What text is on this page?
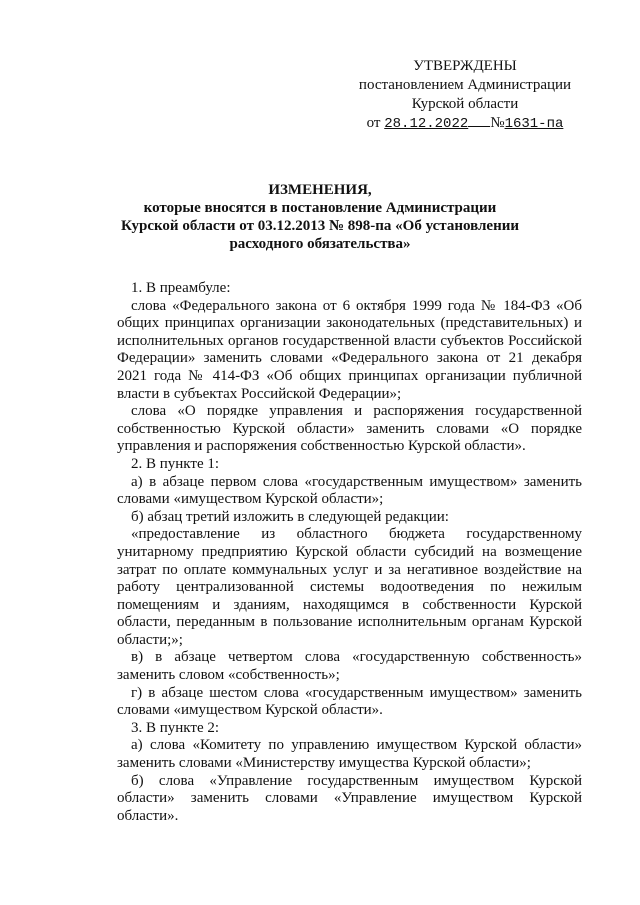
УТВЕРЖДЕНЫ
постановлением Администрации
Курской области
от 28.12.2022 №1631-па
ИЗМЕНЕНИЯ,
которые вносятся в постановление Администрации
Курской области от 03.12.2013 № 898-па «Об установлении
расходного обязательства»

1. В преамбуле:

слова «Федерального закона от 6 октября 1999 года № 184-ФЗ «Об общих принципах организации законодательных (представительных) и исполнительных органов государственной власти субъектов Российской Федерации» заменить словами «Федерального закона от 21 декабря 2021 года № 414-ФЗ «Об общих принципах организации публичной власти в субъектах Российской Федерации»;

слова «О порядке управления и распоряжения государственной собственностью Курской области» заменить словами «О порядке управления и распоряжения собственностью Курской области».

2. В пункте 1:

а) в абзаце первом слова «государственным имуществом» заменить словами «имуществом Курской области»;

б) абзац третий изложить в следующей редакции:

«предоставление из областного бюджета государственному унитарному предприятию Курской области субсидий на возмещение затрат по оплате коммунальных услуг и за негативное воздействие на работу централизованной системы водоотведения по нежилым помещениям и зданиям, находящимся в собственности Курской области, переданным в пользование исполнительным органам Курской области;»;

в) в абзаце четвертом слова «государственную собственность» заменить словом «собственность»;

г) в абзаце шестом слова «государственным имуществом» заменить словами «имуществом Курской области».

3. В пункте 2:

а) слова «Комитету по управлению имуществом Курской области» заменить словами «Министерству имущества Курской области»;

б) слова «Управление государственным имуществом Курской области» заменить словами «Управление имуществом Курской области».
